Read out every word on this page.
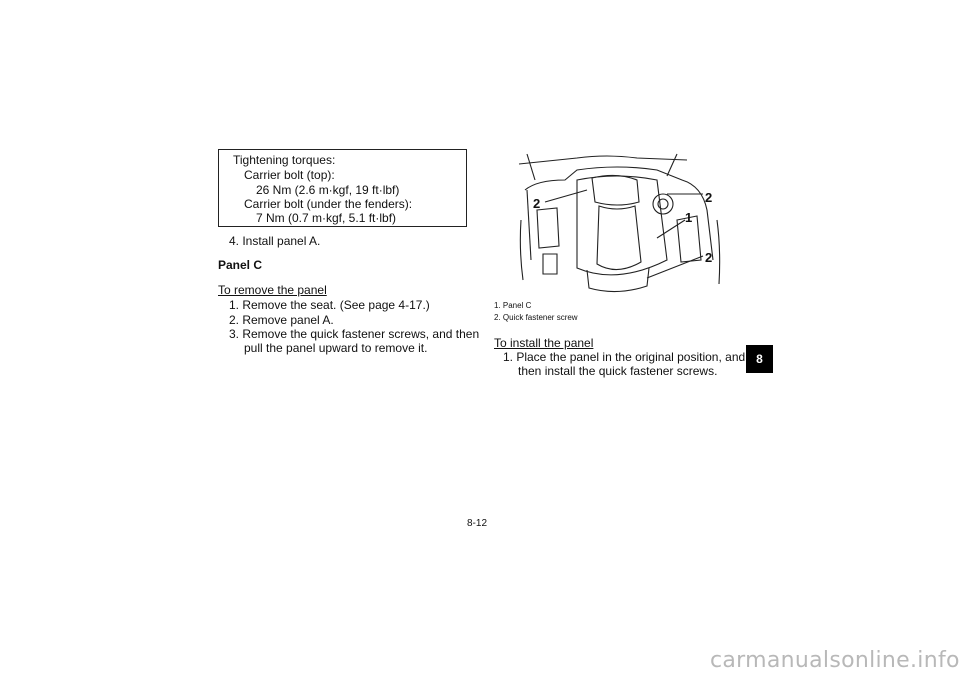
Tightening torques:
Carrier bolt (top):
26 Nm (2.6 m·kgf, 19 ft·lbf)
Carrier bolt (under the fenders):
7 Nm (0.7 m·kgf, 5.1 ft·lbf)
4. Install panel A.
Panel C
To remove the panel
1. Remove the seat. (See page 4-17.)
2. Remove panel A.
3. Remove the quick fastener screws, and then
pull the panel upward to remove it.
2	2
1
2
1. Panel C
2. Quick fastener screw
To install the panel
1. Place the panel in the original position, and
then install the quick fastener screws.
8
8-12
carmanualsonline.info
